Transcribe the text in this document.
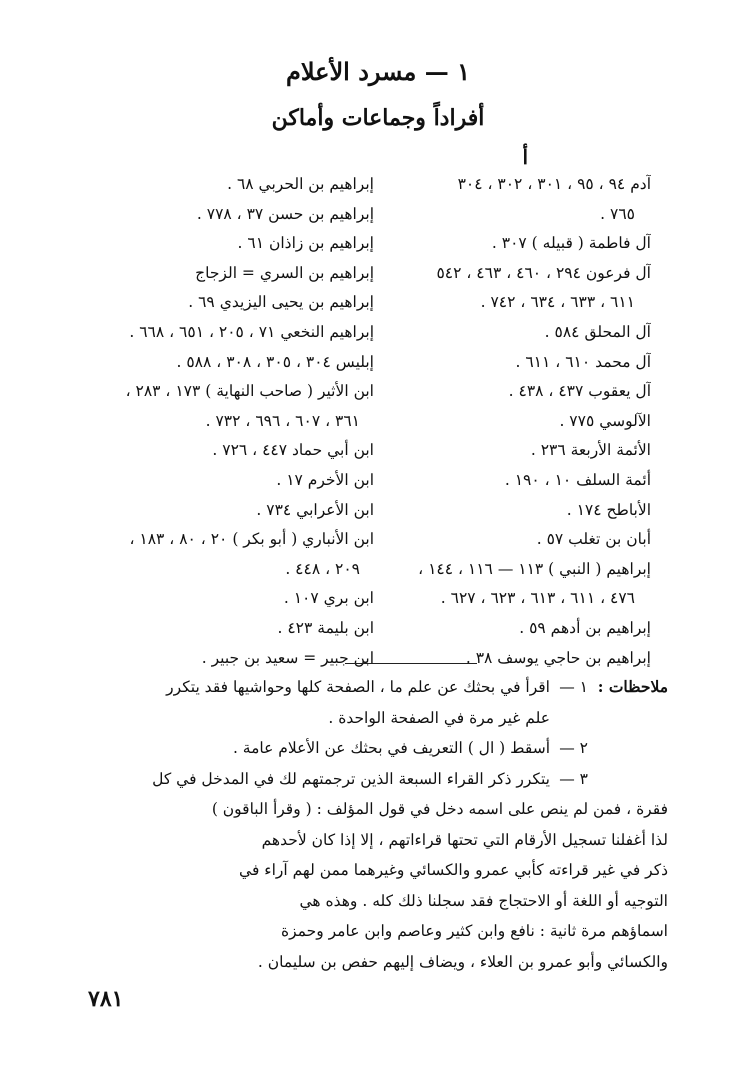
١ — مسرد الأعلام
أفراداً وجماعات وأماكن
أ
آدم ٩٤ ، ٩٥ ، ٣٠١ ، ٣٠٢ ، ٣٠٤
٧٦٥ .
آل فاطمة ( قبيله ) ٣٠٧ .
آل فرعون ٢٩٤ ، ٤٦٠ ، ٤٦٣ ، ٥٤٢
٦١١ ، ٦٣٣ ، ٦٣٤ ، ٧٤٢ .
آل المحلق ٥٨٤ .
آل محمد ٦١٠ ، ٦١١ .
آل يعقوب ٤٣٧ ، ٤٣٨ .
الآلوسي ٧٧٥ .
الأئمة الأربعة ٢٣٦ .
أئمة السلف ١٠ ، ١٩٠ .
الأباطح ١٧٤ .
أبان بن تغلب ٥٧ .
إبراهيم ( النبي ) ١١٣ — ١١٦ ، ١٤٤ ،
٤٧٦ ، ٦١١ ، ٦١٣ ، ٦٢٣ ، ٦٢٧ .
إبراهيم بن أدهم ٥٩ .
إبراهيم بن حاجي يوسف ٣٨ .
إبراهيم بن الحربي ٦٨ .
إبراهيم بن حسن ٣٧ ، ٧٧٨ .
إبراهيم بن زاذان ٦١ .
إبراهيم بن السري = الزجاج
إبراهيم بن يحيى اليزيدي ٦٩ .
إبراهيم النخعي ٧١ ، ٢٠٥ ، ٦٥١ ، ٦٦٨ .
إبليس ٣٠٤ ، ٣٠٥ ، ٣٠٨ ، ٥٨٨ .
ابن الأثير ( صاحب النهاية ) ١٧٣ ، ٢٨٣ ،
٣٦١ ، ٦٠٧ ، ٦٩٦ ، ٧٣٢ .
ابن أبي حماد ٤٤٧ ، ٧٢٦ .
ابن الأخرم ١٧ .
ابن الأعرابي ٧٣٤ .
ابن الأنباري ( أبو بكر ) ٢٠ ، ٨٠ ، ١٨٣ ،
٢٠٩ ، ٤٤٨ .
ابن بري ١٠٧ .
ابن بليمة ٤٢٣ .
ابن جبير = سعيد بن جبير .
ملاحظات :
١ —
اقرأ في بحثك عن علم ما ، الصفحة كلها وحواشيها فقد يتكرر
علم غير مرة في الصفحة الواحدة .
٢ —
أسقط ( ال ) التعريف في بحثك عن الأعلام عامة .
٣ —
يتكرر ذكر القراء السبعة الذين ترجمتهم لك في المدخل في كل
فقرة ، فمن لم ينص على اسمه دخل في قول المؤلف : ( وقرأ الباقون )
لذا أغفلنا تسجيل الأرقام التي تحتها قراءاتهم ، إلا إذا كان لأحدهم
ذكر في غير قراءته كأبي عمرو والكسائي وغيرهما ممن لهم آراء في
التوجيه أو اللغة أو الاحتجاج فقد سجلنا ذلك كله . وهذه هي
اسماؤهم مرة ثانية : نافع وابن كثير وعاصم وابن عامر وحمزة
والكسائي وأبو عمرو بن العلاء ، ويضاف إليهم حفص بن سليمان .
٧٨١
